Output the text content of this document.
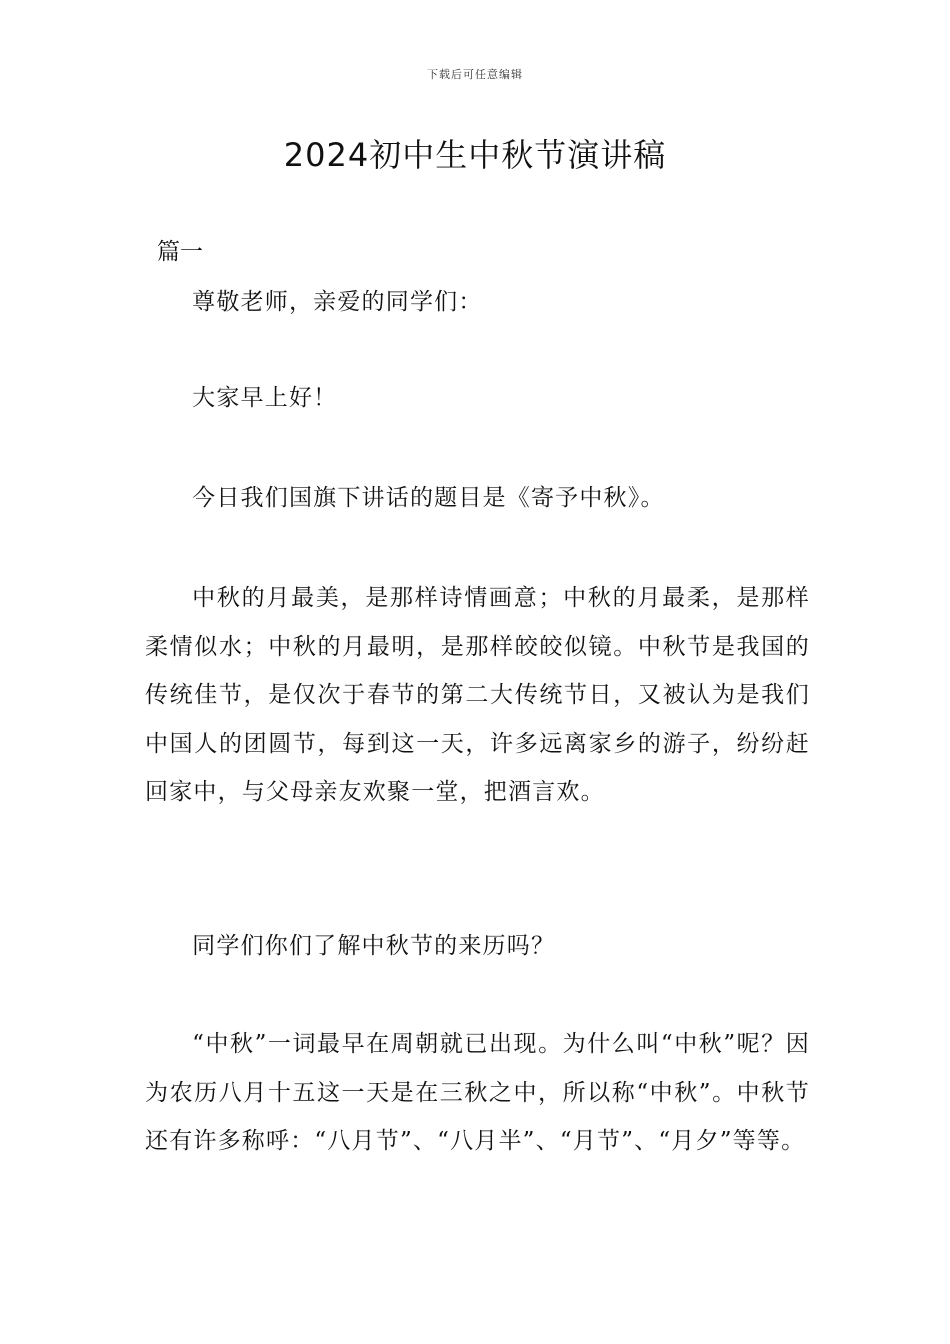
下载后可任意编辑
2024初中生中秋节演讲稿
篇一

尊敬老师，亲爱的同学们：

大家早上好！

今日我们国旗下讲话的题目是《寄予中秋》。

中秋的月最美，是那样诗情画意；中秋的月最柔，是那样柔情似水；中秋的月最明，是那样皎皎似镜。中秋节是我国的传统佳节，是仅次于春节的第二大传统节日，又被认为是我们中国人的团圆节，每到这一天，许多远离家乡的游子，纷纷赶回家中，与父母亲友欢聚一堂，把酒言欢。

同学们你们了解中秋节的来历吗？

“中秋”一词最早在周朝就已出现。为什么叫“中秋”呢？因为农历八月十五这一天是在三秋之中，所以称“中秋”。中秋节还有许多称呼：“八月节”、“八月半”、“月节”、“月夕”等等。
